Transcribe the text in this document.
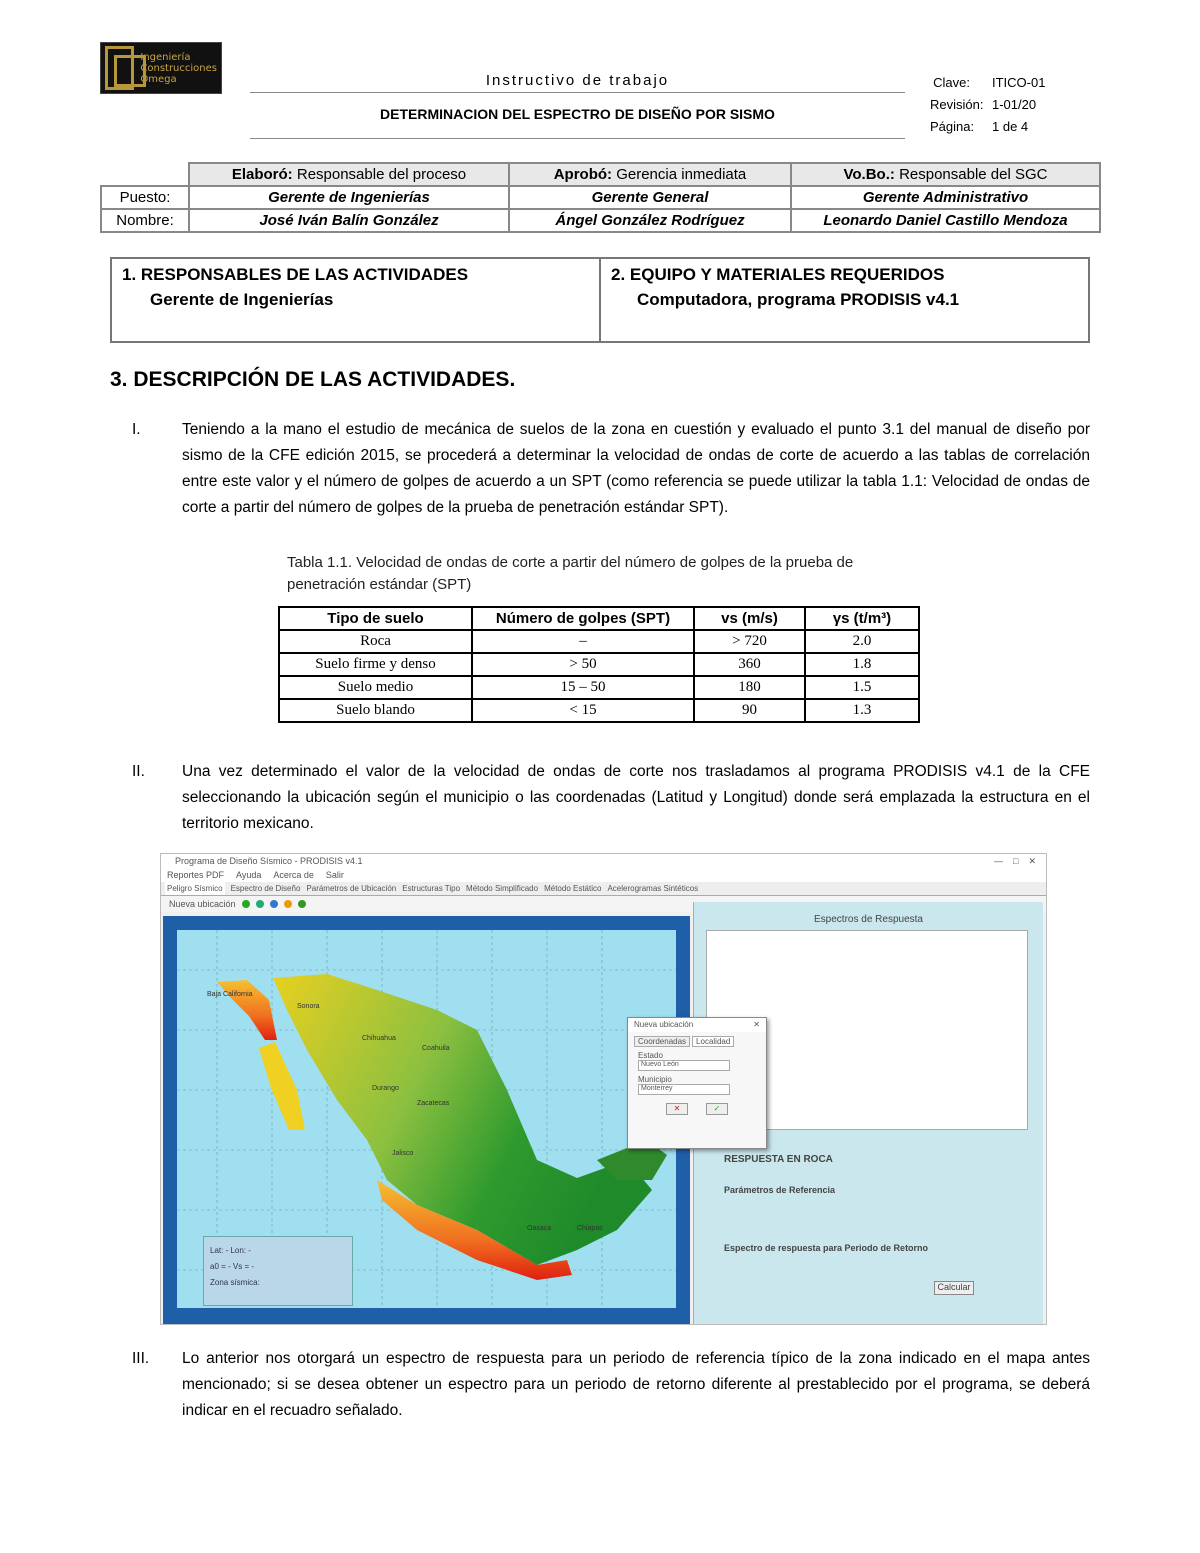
Ingeniería
Construcciones
Omega	Instructivo de trabajo
DETERMINACION DEL ESPECTRO DE DISEÑO POR SISMO
Clave:	ITICO-01
Revisión: 1-01/20
Página:	1 de 4
	Elaboró: Responsable del proceso	Aprobó: Gerencia inmediata	Vo.Bo.: Responsable del SGC
Puesto:	Gerente de Ingenierías	Gerente General	Gerente Administrativo
Nombre:	José Iván Balín González	Ángel González Rodríguez	Leonardo Daniel Castillo Mendoza
1. RESPONSABLES DE LAS ACTIVIDADES
Gerente de Ingenierías
2. EQUIPO Y MATERIALES REQUERIDOS
Computadora, programa PRODISIS v4.1
3. DESCRIPCIÓN DE LAS ACTIVIDADES.
I.	Teniendo a la mano el estudio de mecánica de suelos de la zona en cuestión y evaluado el punto 3.1 del manual de diseño por sismo de la CFE edición 2015, se procederá a determinar la velocidad de ondas de corte de acuerdo a las tablas de correlación entre este valor y el número de golpes de acuerdo a un SPT (como referencia se puede utilizar la tabla 1.1: Velocidad de ondas de corte a partir del número de golpes de la prueba de penetración estándar SPT).
Tabla 1.1. Velocidad de ondas de corte a partir del número de golpes de la prueba de
penetración estándar (SPT)
Tipo de suelo	Número de golpes (SPT)	vs (m/s)	γs (t/m³)
Roca	–	> 720	2.0
Suelo firme y denso	> 50	360	1.8
Suelo medio	15 – 50	180	1.5
Suelo blando	< 15	90	1.3
II.	Una vez determinado el valor de la velocidad de ondas de corte nos trasladamos al programa PRODISIS v4.1 de la CFE seleccionando la ubicación según el municipio o las coordenadas (Latitud y Longitud) donde será emplazada la estructura en el territorio mexicano.
Programa de Diseño Sísmico - PRODISIS v4.1	—    □    ✕
Reportes PDF Ayuda Acerca de Salir
Peligro Sísmico Espectro de Diseño Parámetros de Ubicación Estructuras Tipo Método Simplificado Método Estático Acelerogramas Sintéticos
Nueva ubicación
Baja California
Sonora
Chihuahua
Coahuila
Durango
Zacatecas
Jalisco
Oaxaca	Chiapas
Lat: - Lon: -
a0 = - Vs = -
Zona sísmica:
Espectros de Respuesta
RESPUESTA EN ROCA
Parámetros de Referencia
Espectro de respuesta para Periodo de Retorno
Calcular
Nueva ubicación	✕
Coordenadas	Localidad
Estado
Nuevo León
Municipio
Monterrey
✕	✓
III.	Lo anterior nos otorgará un espectro de respuesta para un periodo de referencia típico de la zona indicado en el mapa antes mencionado; si se desea obtener un espectro para un periodo de retorno diferente al prestablecido por el programa, se deberá indicar en el recuadro señalado.
